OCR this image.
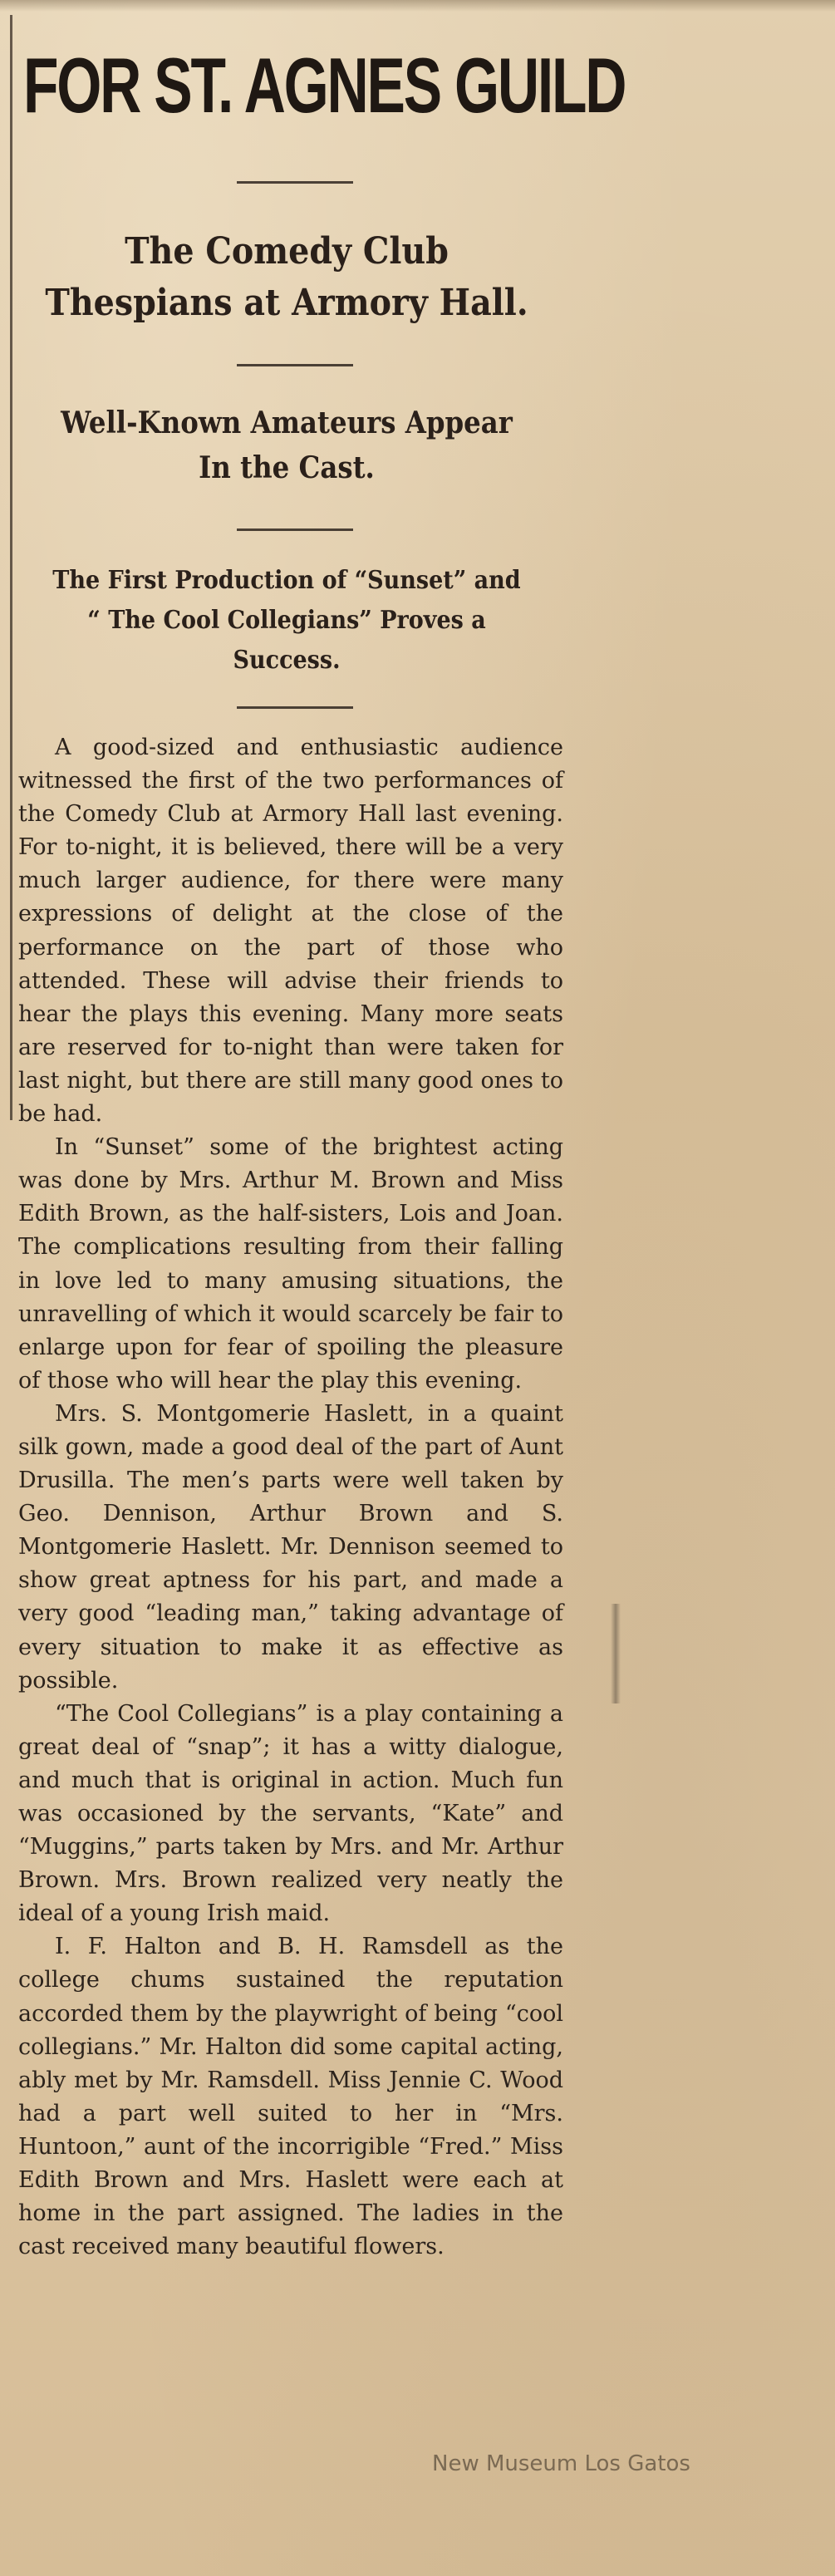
FOR ST. AGNES GUILD
The Comedy Club Thespians at Armory Hall.
Well-Known Amateurs Appear In the Cast.
The First Production of “Sunset” and “ The Cool Collegians” Proves a Success.

A good-sized and enthusiastic audience witnessed the first of the two performances of the Comedy Club at Armory Hall last evening. For to-night, it is believed, there will be a very much larger audience, for there were many expressions of delight at the close of the performance on the part of those who attended. These will advise their friends to hear the plays this evening. Many more seats are reserved for to-night than were taken for last night, but there are still many good ones to be had.

In “Sunset” some of the brightest acting was done by Mrs. Arthur M. Brown and Miss Edith Brown, as the half-sisters, Lois and Joan. The complications resulting from their falling in love led to many amusing situations, the unravelling of which it would scarcely be fair to enlarge upon for fear of spoiling the pleasure of those who will hear the play this evening.

Mrs. S. Montgomerie Haslett, in a quaint silk gown, made a good deal of the part of Aunt Drusilla. The men’s parts were well taken by Geo. Dennison, Arthur Brown and S. Montgomerie Haslett. Mr. Dennison seemed to show great aptness for his part, and made a very good “leading man,” taking advantage of every situation to make it as effective as possible.

“The Cool Collegians” is a play containing a great deal of “snap”; it has a witty dialogue, and much that is original in action. Much fun was occasioned by the servants, “Kate” and “Muggins,” parts taken by Mrs. and Mr. Arthur Brown. Mrs. Brown realized very neatly the ideal of a young Irish maid.

I. F. Halton and B. H. Ramsdell as the college chums sustained the reputation accorded them by the playwright of being “cool collegians.” Mr. Halton did some capital acting, ably met by Mr. Ramsdell. Miss Jennie C. Wood had a part well suited to her in “Mrs. Huntoon,” aunt of the incorrigible “Fred.” Miss Edith Brown and Mrs. Haslett were each at home in the part assigned. The ladies in the cast received many beautiful flowers.

New Museum Los Gatos
